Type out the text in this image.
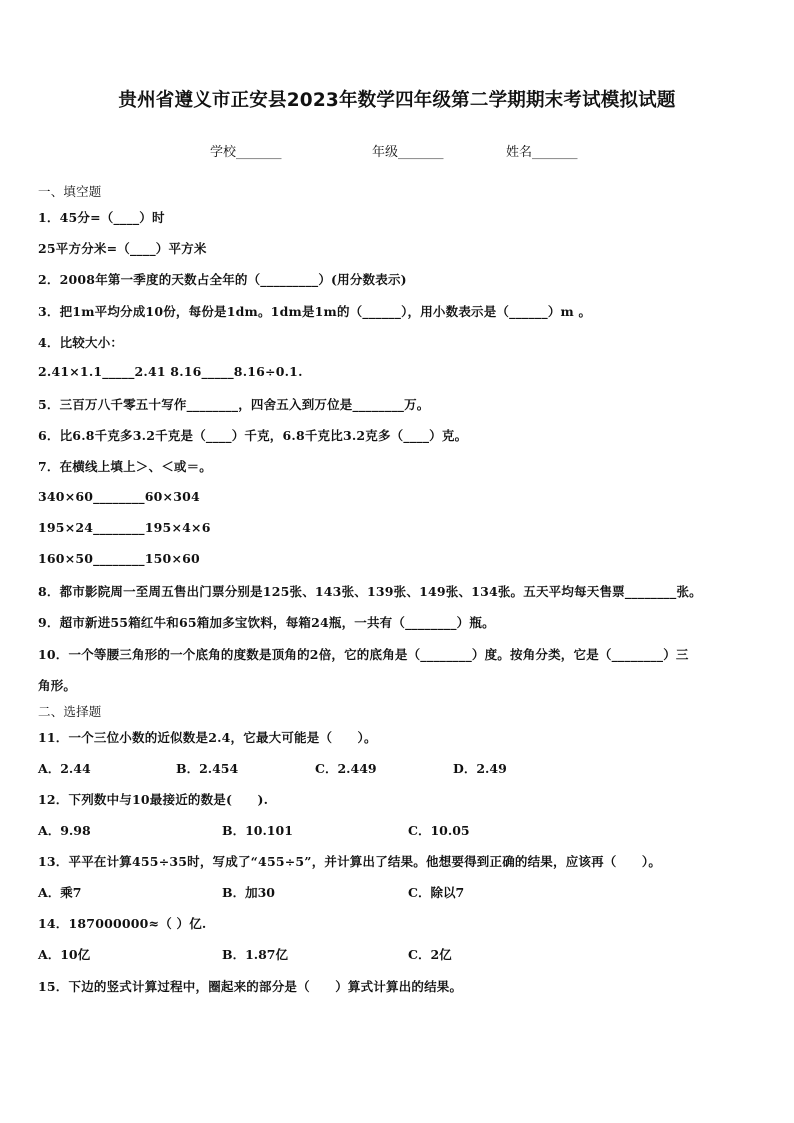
贵州省遵义市正安县2023年数学四年级第二学期期末考试模拟试题
学校_______	年级_______	姓名_______
一、填空题
1．45分=（____）时
25平方分米=（____）平方米
2．2008年第一季度的天数占全年的（_________）(用分数表示)
3．把1m平均分成10份，每份是1dm。1dm是1m的（______），用小数表示是（______）m 。
4．比较大小：
2.41×1.1_____2.41 8.16_____8.16÷0.1.
5．三百万八千零五十写作________，四舍五入到万位是________万。
6．比6.8千克多3.2千克是（____）千克，6.8千克比3.2克多（____）克。
7．在横线上填上＞、＜或＝。
340×60________60×304
195×24________195×4×6
160×50________150×60
8．都市影院周一至周五售出门票分别是125张、143张、139张、149张、134张。五天平均每天售票________张。
9．超市新进55箱红牛和65箱加多宝饮料，每箱24瓶，一共有（________）瓶。
10．一个等腰三角形的一个底角的度数是顶角的2倍，它的底角是（________）度。按角分类，它是（________）三
角形。
二、选择题
11．一个三位小数的近似数是2.4，它最大可能是（　　）。
A．2.44	B．2.454	C．2.449	D．2.49
12．下列数中与10最接近的数是(　　).
A．9.98	B．10.101	C．10.05
13．平平在计算455÷35时，写成了“455÷5”，并计算出了结果。他想要得到正确的结果，应该再（　　）。
A．乘7	B．加30	C．除以7
14．187000000≈（ ）亿.
A．10亿	B．1.87亿	C．2亿
15．下边的竖式计算过程中，圈起来的部分是（　　）算式计算出的结果。
